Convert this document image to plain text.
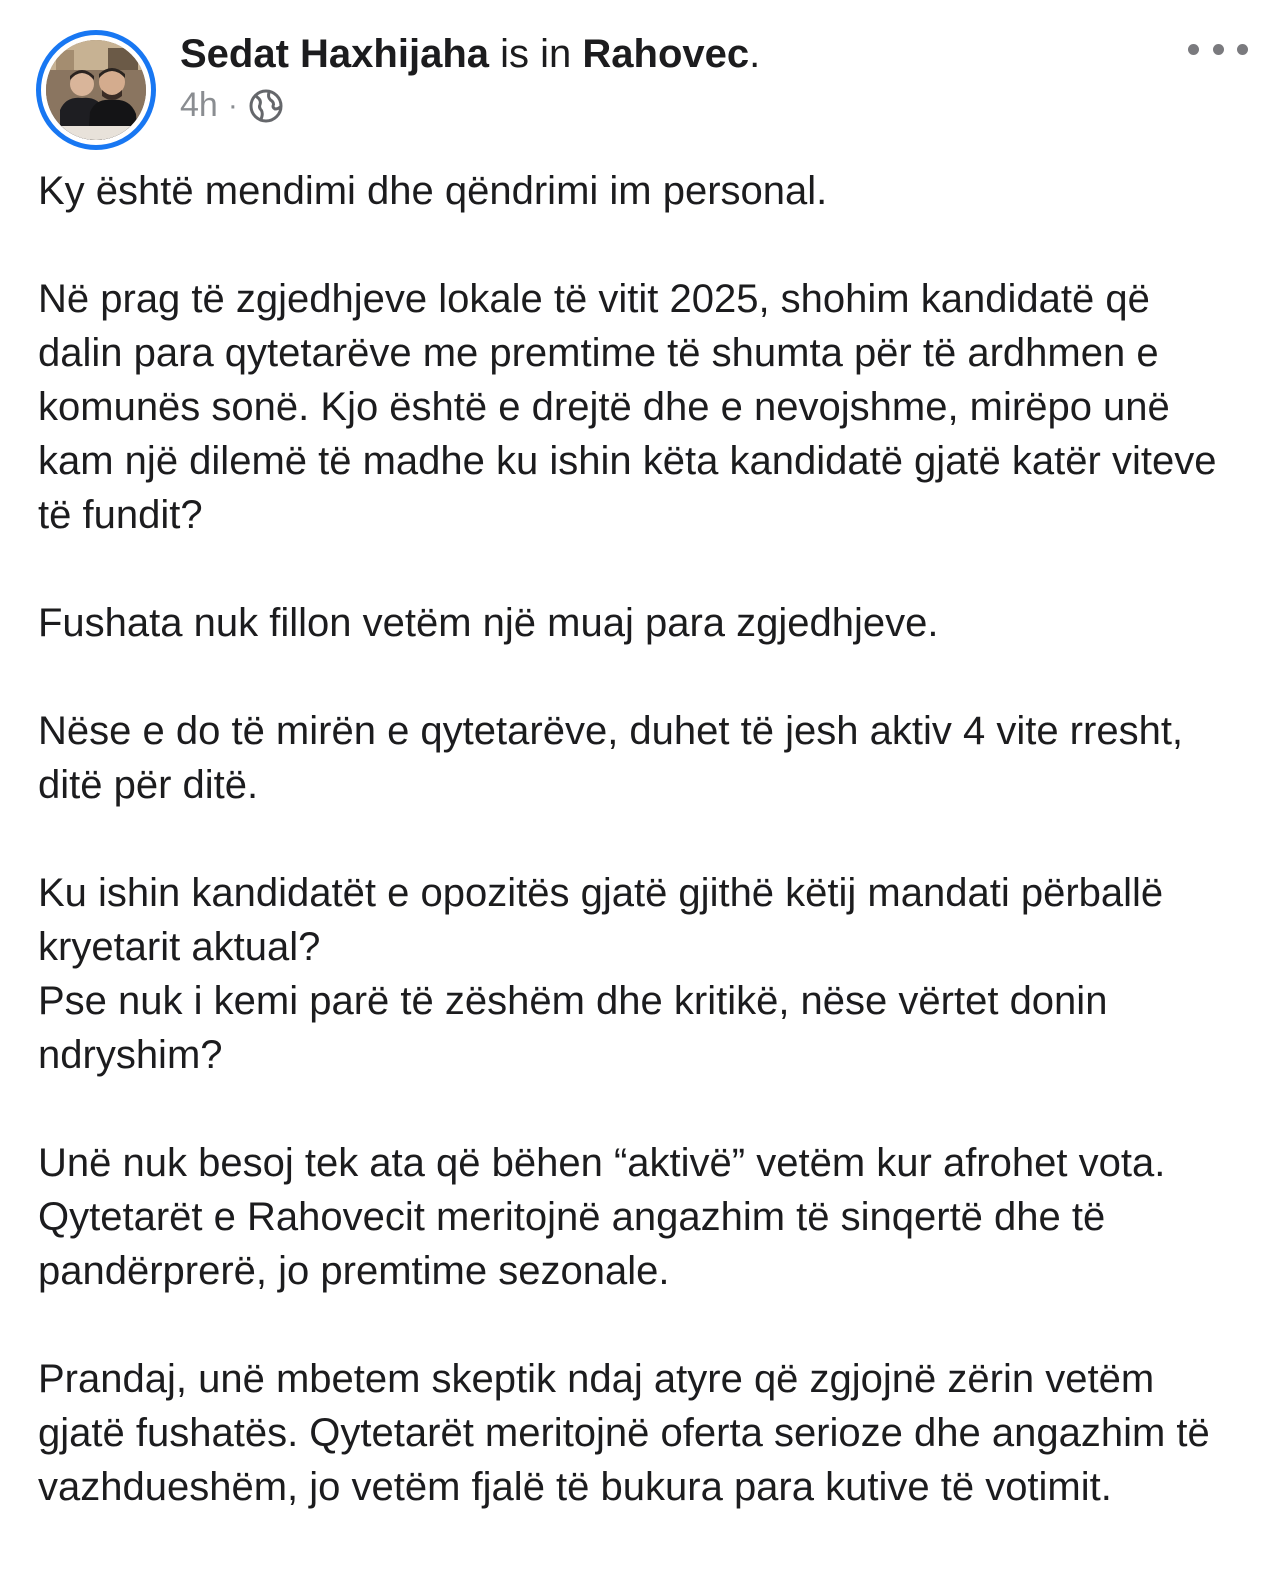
Sedat Haxhijaha is in Rahovec.
4h ·

Ky është mendimi dhe qëndrimi im personal.

Në prag të zgjedhjeve lokale të vitit 2025, shohim kandidatë që dalin para qytetarëve me premtime të shumta për të ardhmen e komunës sonë. Kjo është e drejtë dhe e nevojshme, mirëpo unë kam një dilemë të madhe ku ishin këta kandidatë gjatë katër viteve të fundit?

Fushata nuk fillon vetëm një muaj para zgjedhjeve.

Nëse e do të mirën e qytetarëve, duhet të jesh aktiv 4 vite rresht, ditë për ditë.

Ku ishin kandidatët e opozitës gjatë gjithë këtij mandati përballë kryetarit aktual?

Pse nuk i kemi parë të zëshëm dhe kritikë, nëse vërtet donin ndryshim?

Unë nuk besoj tek ata që bëhen “aktivë” vetëm kur afrohet vota. Qytetarët e Rahovecit meritojnë angazhim të sinqertë dhe të pandërprerë, jo premtime sezonale.

Prandaj, unë mbetem skeptik ndaj atyre që zgjojnë zërin vetëm gjatë fushatës. Qytetarët meritojnë oferta serioze dhe angazhim të vazhdueshëm, jo vetëm fjalë të bukura para kutive të votimit.
